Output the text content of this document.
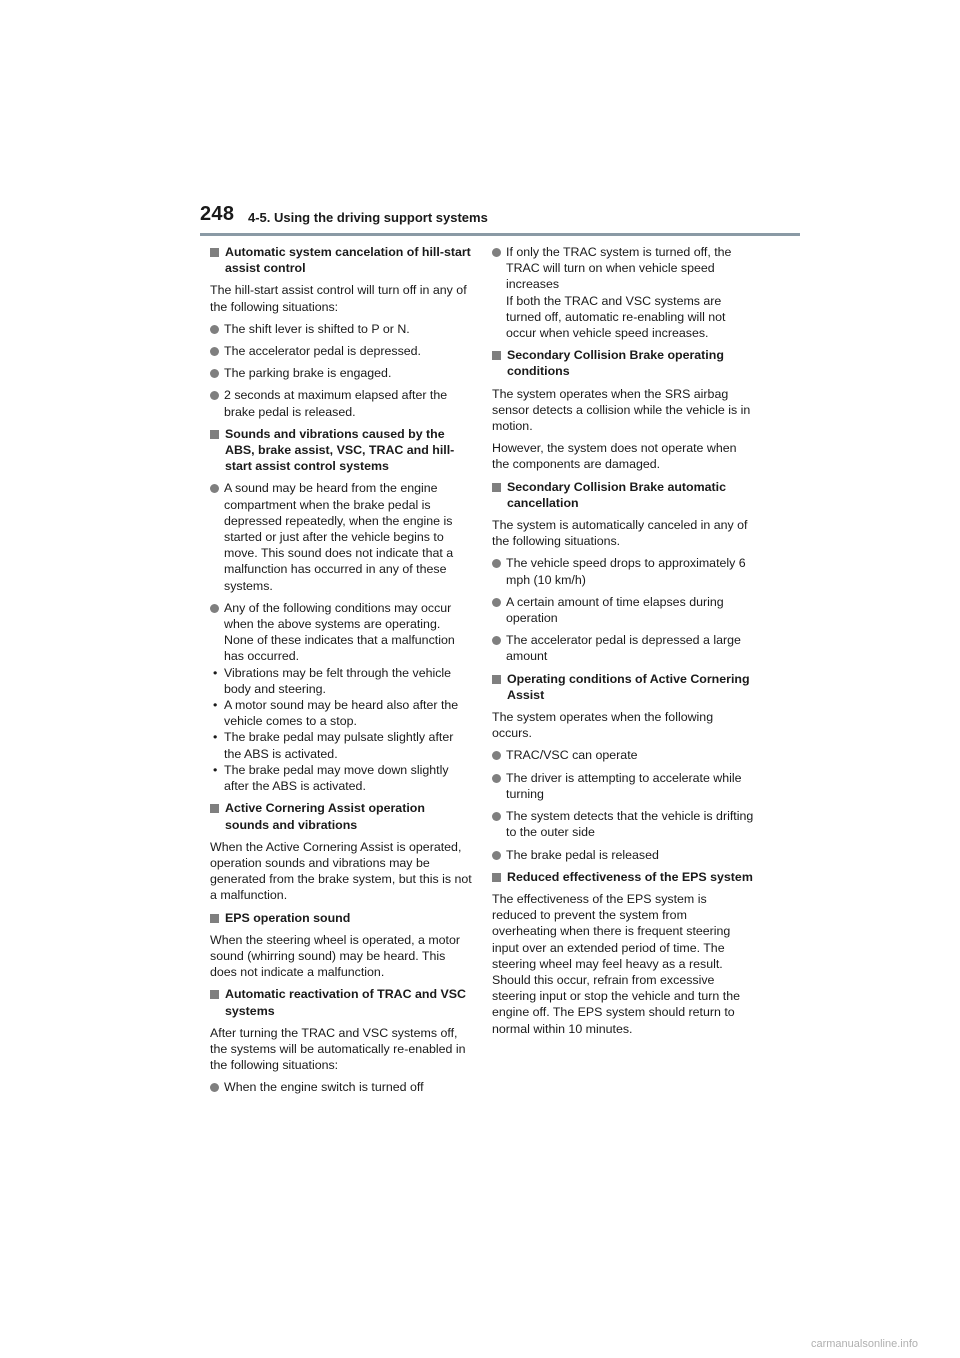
248 4-5. Using the driving support systems
Automatic system cancelation of hill-start assist control
The hill-start assist control will turn off in any of the following situations:
The shift lever is shifted to P or N.
The accelerator pedal is depressed.
The parking brake is engaged.
2 seconds at maximum elapsed after the brake pedal is released.
Sounds and vibrations caused by the ABS, brake assist, VSC, TRAC and hill-start assist control systems
A sound may be heard from the engine compartment when the brake pedal is depressed repeatedly, when the engine is started or just after the vehicle begins to move. This sound does not indicate that a malfunction has occurred in any of these systems.
Any of the following conditions may occur when the above systems are operating. None of these indicates that a malfunction has occurred.
• Vibrations may be felt through the vehicle body and steering.
• A motor sound may be heard also after the vehicle comes to a stop.
• The brake pedal may pulsate slightly after the ABS is activated.
• The brake pedal may move down slightly after the ABS is activated.
Active Cornering Assist operation sounds and vibrations
When the Active Cornering Assist is operated, operation sounds and vibrations may be generated from the brake system, but this is not a malfunction.
EPS operation sound
When the steering wheel is operated, a motor sound (whirring sound) may be heard. This does not indicate a malfunction.
Automatic reactivation of TRAC and VSC systems
After turning the TRAC and VSC systems off, the systems will be automatically re-enabled in the following situations:
When the engine switch is turned off
If only the TRAC system is turned off, the TRAC will turn on when vehicle speed increases
If both the TRAC and VSC systems are turned off, automatic re-enabling will not occur when vehicle speed increases.
Secondary Collision Brake operating conditions
The system operates when the SRS airbag sensor detects a collision while the vehicle is in motion.
However, the system does not operate when the components are damaged.
Secondary Collision Brake automatic cancellation
The system is automatically canceled in any of the following situations.
The vehicle speed drops to approximately 6 mph (10 km/h)
A certain amount of time elapses during operation
The accelerator pedal is depressed a large amount
Operating conditions of Active Cornering Assist
The system operates when the following occurs.
TRAC/VSC can operate
The driver is attempting to accelerate while turning
The system detects that the vehicle is drifting to the outer side
The brake pedal is released
Reduced effectiveness of the EPS system
The effectiveness of the EPS system is reduced to prevent the system from overheating when there is frequent steering input over an extended period of time. The steering wheel may feel heavy as a result. Should this occur, refrain from excessive steering input or stop the vehicle and turn the engine off. The EPS system should return to normal within 10 minutes.
carmanualsonline.info
